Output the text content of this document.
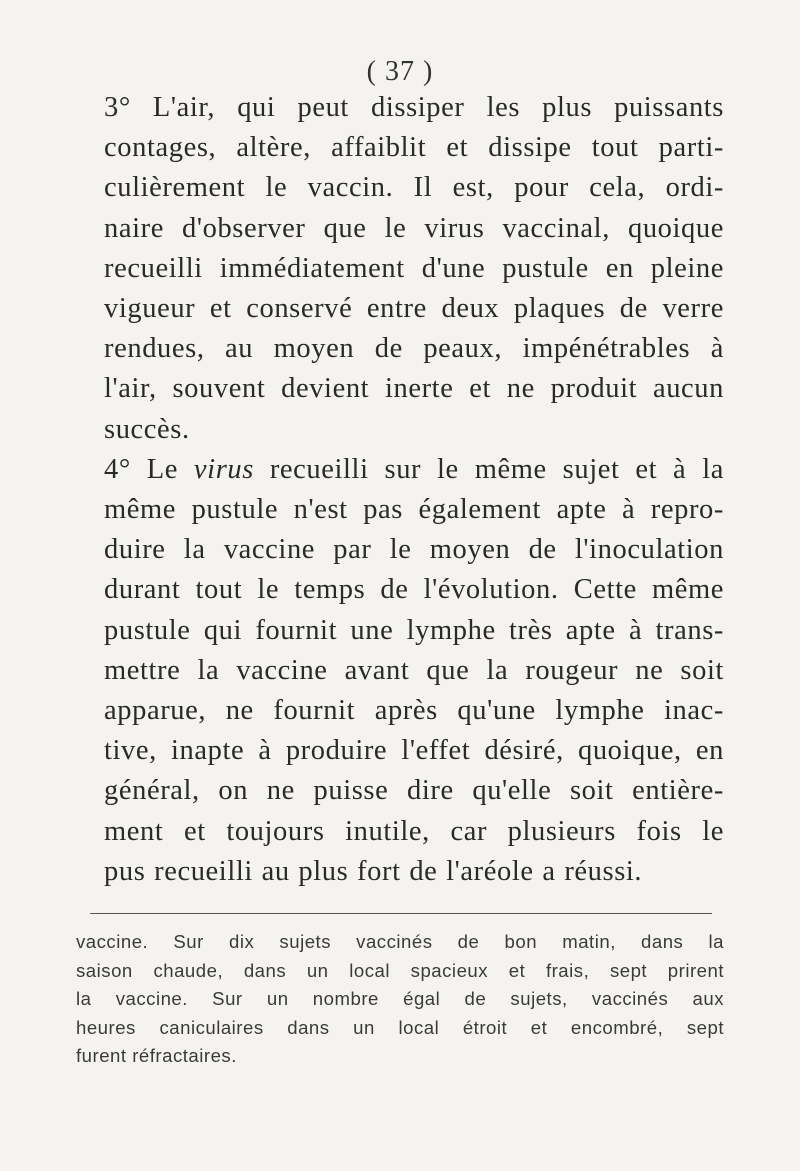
( 37 )

3° L'air, qui peut dissiper les plus puissants
contages, altère, affaiblit et dissipe tout parti-
culièrement le vaccin. Il est, pour cela, ordi-
naire d'observer que le virus vaccinal, quoique
recueilli immédiatement d'une pustule en pleine
vigueur et conservé entre deux plaques de verre
rendues, au moyen de peaux, impénétrables à
l'air, souvent devient inerte et ne produit aucun
succès.

4° Le virus recueilli sur le même sujet et à la
même pustule n'est pas également apte à repro-
duire la vaccine par le moyen de l'inoculation
durant tout le temps de l'évolution. Cette même
pustule qui fournit une lymphe très apte à trans-
mettre la vaccine avant que la rougeur ne soit
apparue, ne fournit après qu'une lymphe inac-
tive, inapte à produire l'effet désiré, quoique, en
général, on ne puisse dire qu'elle soit entière-
ment et toujours inutile, car plusieurs fois le
pus recueilli au plus fort de l'aréole a réussi.

vaccine. Sur dix sujets vaccinés de bon matin, dans la
saison chaude, dans un local spacieux et frais, sept prirent
la vaccine. Sur un nombre égal de sujets, vaccinés aux
heures caniculaires dans un local étroit et encombré, sept
furent réfractaires.
